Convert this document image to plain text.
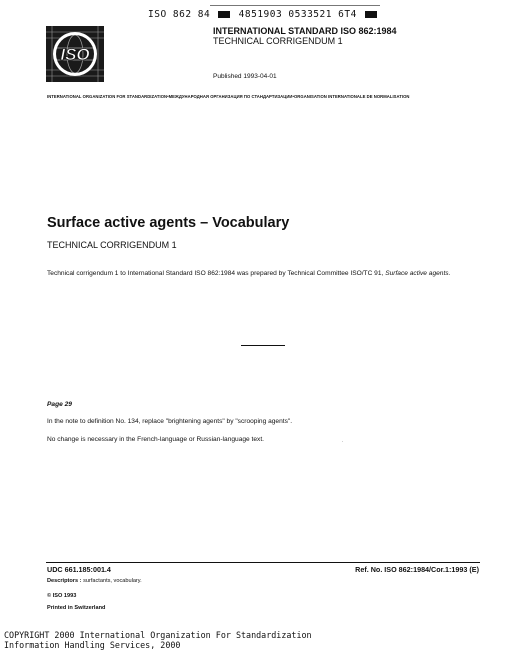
ISO 862 84	4851903 0533521 6T4
ISO
INTERNATIONAL STANDARD ISO 862:1984
TECHNICAL CORRIGENDUM 1
Published 1993-04-01
INTERNATIONAL ORGANIZATION FOR STANDARDIZATION•МЕЖДУНАРОДНАЯ ОРГАНИЗАЦИЯ ПО СТАНДАРТИЗАЦИИ•ORGANISATION INTERNATIONALE DE NORMALISATION
Surface active agents – Vocabulary
TECHNICAL CORRIGENDUM 1
Technical corrigendum 1 to International Standard ISO 862:1984 was prepared by Technical Committee ISO/TC 91, Surface active agents.
Page 29
In the note to definition No. 134, replace "brightening agents" by "scrooping agents".
No change is necessary in the French-language or Russian-language text.	.
UDC 661.185:001.4	Ref. No. ISO 862:1984/Cor.1:1993 (E)
Descriptors : surfactants, vocabulary.
© ISO 1993
Printed in Switzerland
COPYRIGHT 2000 International Organization For Standardization
Information Handling Services, 2000
